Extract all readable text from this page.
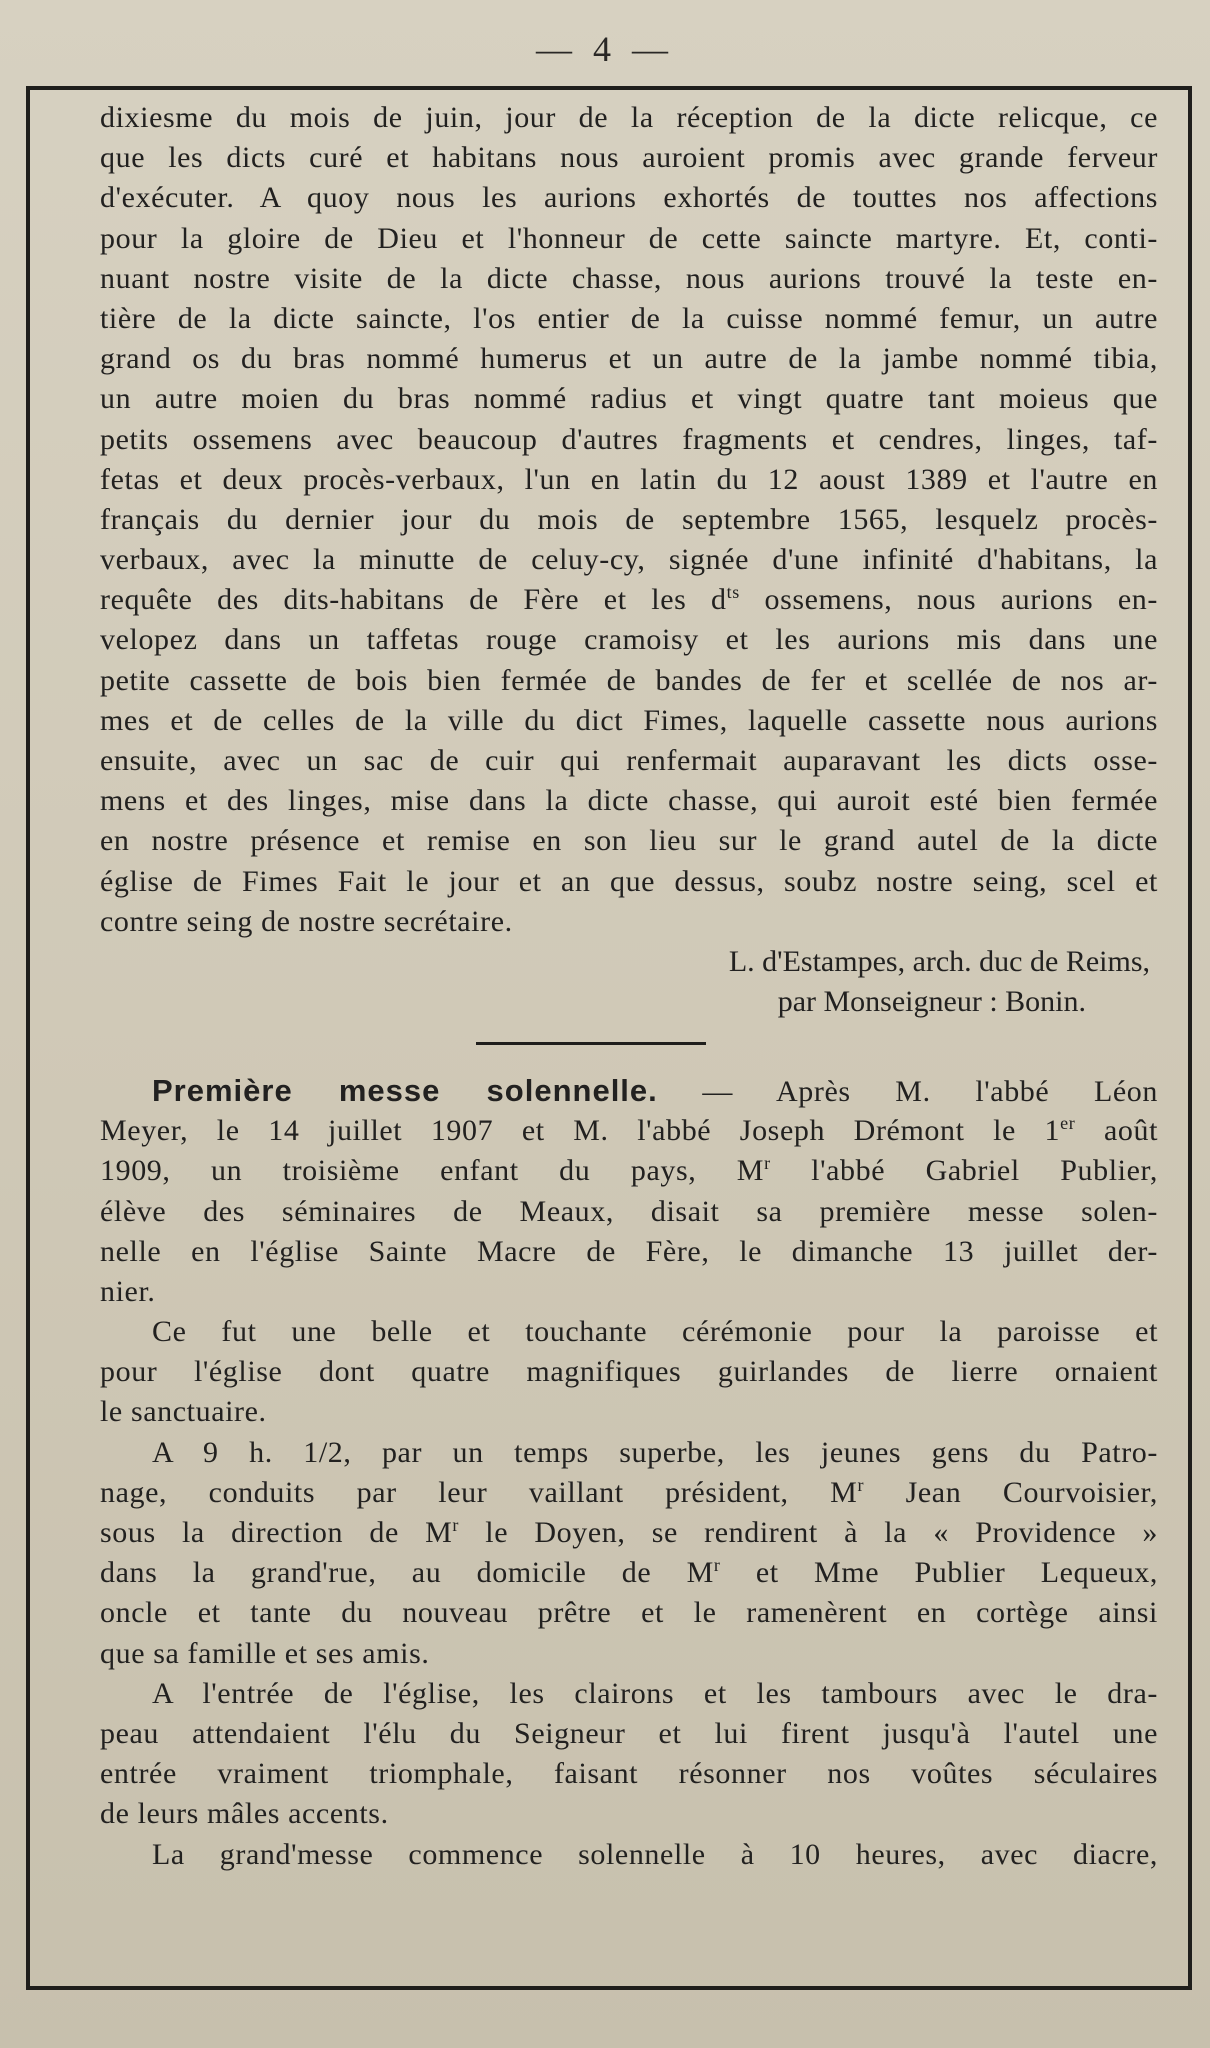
— 4 —
dixiesme du mois de juin, jour de la réception de la dicte relicque, ce
que les dicts curé et habitans nous auroient promis avec grande ferveur
d'exécuter. A quoy nous les aurions exhortés de touttes nos affections
pour la gloire de Dieu et l'honneur de cette saincte martyre. Et, conti-
nuant nostre visite de la dicte chasse, nous aurions trouvé la teste en-
tière de la dicte saincte, l'os entier de la cuisse nommé femur, un autre
grand os du bras nommé humerus et un autre de la jambe nommé tibia,
un autre moien du bras nommé radius et vingt quatre tant moieus que
petits ossemens avec beaucoup d'autres fragments et cendres, linges, taf-
fetas et deux procès-verbaux, l'un en latin du 12 aoust 1389 et l'autre en
français du dernier jour du mois de septembre 1565, lesquelz procès-
verbaux, avec la minutte de celuy-cy, signée d'une infinité d'habitans, la
requête des dits-habitans de Fère et les $d^{ts}$ ossemens, nous aurions en-
velopez dans un taffetas rouge cramoisy et les aurions mis dans une
petite cassette de bois bien fermée de bandes de fer et scellée de nos ar-
mes et de celles de la ville du dict Fimes, laquelle cassette nous aurions
ensuite, avec un sac de cuir qui renfermait auparavant les dicts osse-
mens et des linges, mise dans la dicte chasse, qui auroit esté bien fermée
en nostre présence et remise en son lieu sur le grand autel de la dicte
église de Fimes Fait le jour et an que dessus, soubz nostre seing, scel et
contre seing de nostre secrétaire.
L. d'Estampes, arch. duc de Reims,
par Monseigneur : Bonin.
Première messe solennelle. — Après M. l'abbé Léon
Meyer, le 14 juillet 1907 et M. l'abbé Joseph Drémont le 1er août
1909, un troisième enfant du pays, $M^r$ l'abbé Gabriel Publier,
élève des séminaires de Meaux, disait sa première messe solen-
nelle en l'église Sainte Macre de Fère, le dimanche 13 juillet der-
nier.
Ce fut une belle et touchante cérémonie pour la paroisse et
pour l'église dont quatre magnifiques guirlandes de lierre ornaient
le sanctuaire.
A 9 h. 1/2, par un temps superbe, les jeunes gens du Patro-
nage, conduits par leur vaillant président, $M^r$ Jean Courvoisier,
sous la direction de $M^r$ le Doyen, se rendirent à la « Providence »
dans la grand'rue, au domicile de $M^r$ et Mme Publier Lequeux,
oncle et tante du nouveau prêtre et le ramenèrent en cortège ainsi
que sa famille et ses amis.
A l'entrée de l'église, les clairons et les tambours avec le dra-
peau attendaient l'élu du Seigneur et lui firent jusqu'à l'autel une
entrée vraiment triomphale, faisant résonner nos voûtes séculaires
de leurs mâles accents.
La grand'messe commence solennelle à 10 heures, avec diacre,
